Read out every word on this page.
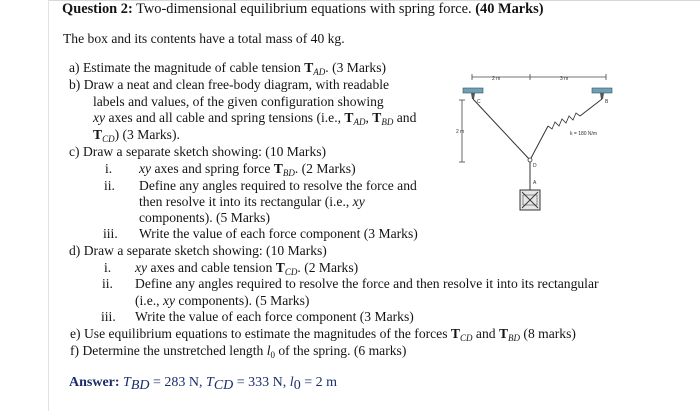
Question 2: Two-dimensional equilibrium equations with spring force. (40 Marks)
The box and its contents have a total mass of 40 kg.
a) Estimate the magnitude of cable tension $T_{AD}$. (3 Marks)
b) Draw a neat and clean free-body diagram, with readable
labels and values, of the given configuration showing
xy axes and all cable and spring tensions (i.e., $T_{AD}$, $T_{BD}$ and
$T_{CD}$) (3 Marks).
c) Draw a separate sketch showing: (10 Marks)
i. xy axes and spring force $T_{BD}$. (2 Marks)
ii. Define any angles required to resolve the force and
then resolve it into its rectangular (i.e., xy
components). (5 Marks)
iii. Write the value of each force component (3 Marks)
d) Draw a separate sketch showing: (10 Marks)
i. xy axes and cable tension $T_{CD}$. (2 Marks)
ii. Define any angles required to resolve the force and then resolve it into its rectangular
(i.e., xy components). (5 Marks)
iii. Write the value of each force component (3 Marks)
e) Use equilibrium equations to estimate the magnitudes of the forces $T_{CD}$ and $T_{BD}$ (8 marks)
f) Determine the unstretched length $l_0$ of the spring. (6 marks)
Answer: $T_{BD} = 283$ N, $T_{CD} = 333$ N, $l_0 = 2$ m
2 m	3 m
2 m
C	B
k = 180 N/m
D
A
